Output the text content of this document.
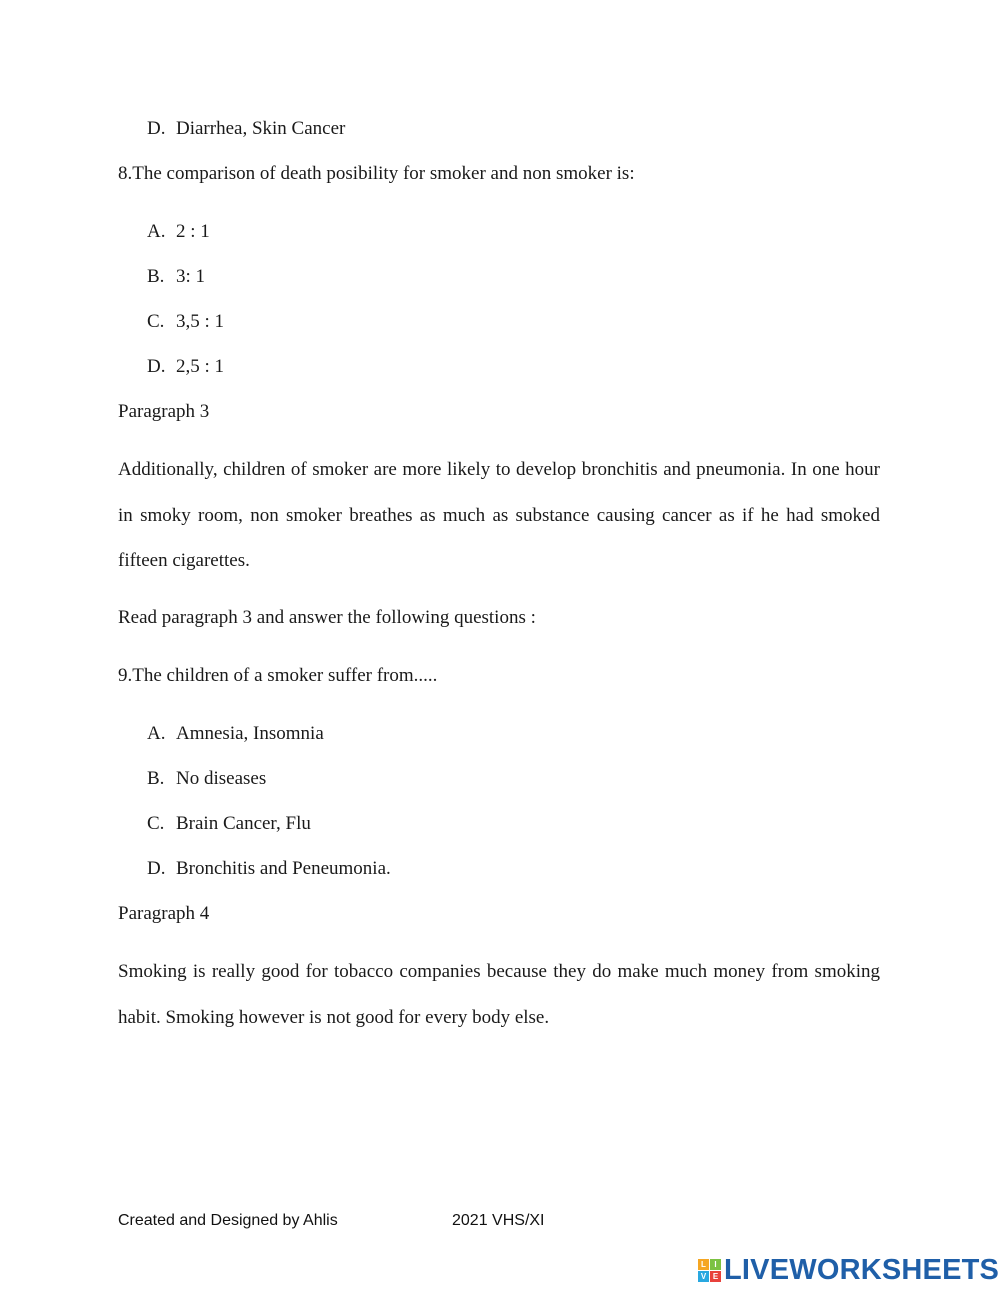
D. Diarrhea, Skin Cancer
8.The comparison of death posibility for smoker and non smoker is:
A. 2 : 1
B. 3: 1
C. 3,5 : 1
D. 2,5 : 1
Paragraph 3
Additionally, children of smoker are more likely to develop bronchitis and pneumonia. In one hour
in smoky room, non smoker breathes as much as substance causing cancer as if he had smoked
fifteen cigarettes.
Read paragraph 3 and answer the following questions :
9.The children of a smoker suffer from.....
A. Amnesia, Insomnia
B. No diseases
C. Brain Cancer, Flu
D. Bronchitis and Peneumonia.
Paragraph 4
Smoking is really good for tobacco companies because they do make much money from smoking
habit. Smoking however is not good for every body else.
Created and Designed by Ahlis	2021 VHS/XI
L	I
V E LIVEWORKSHEETS
